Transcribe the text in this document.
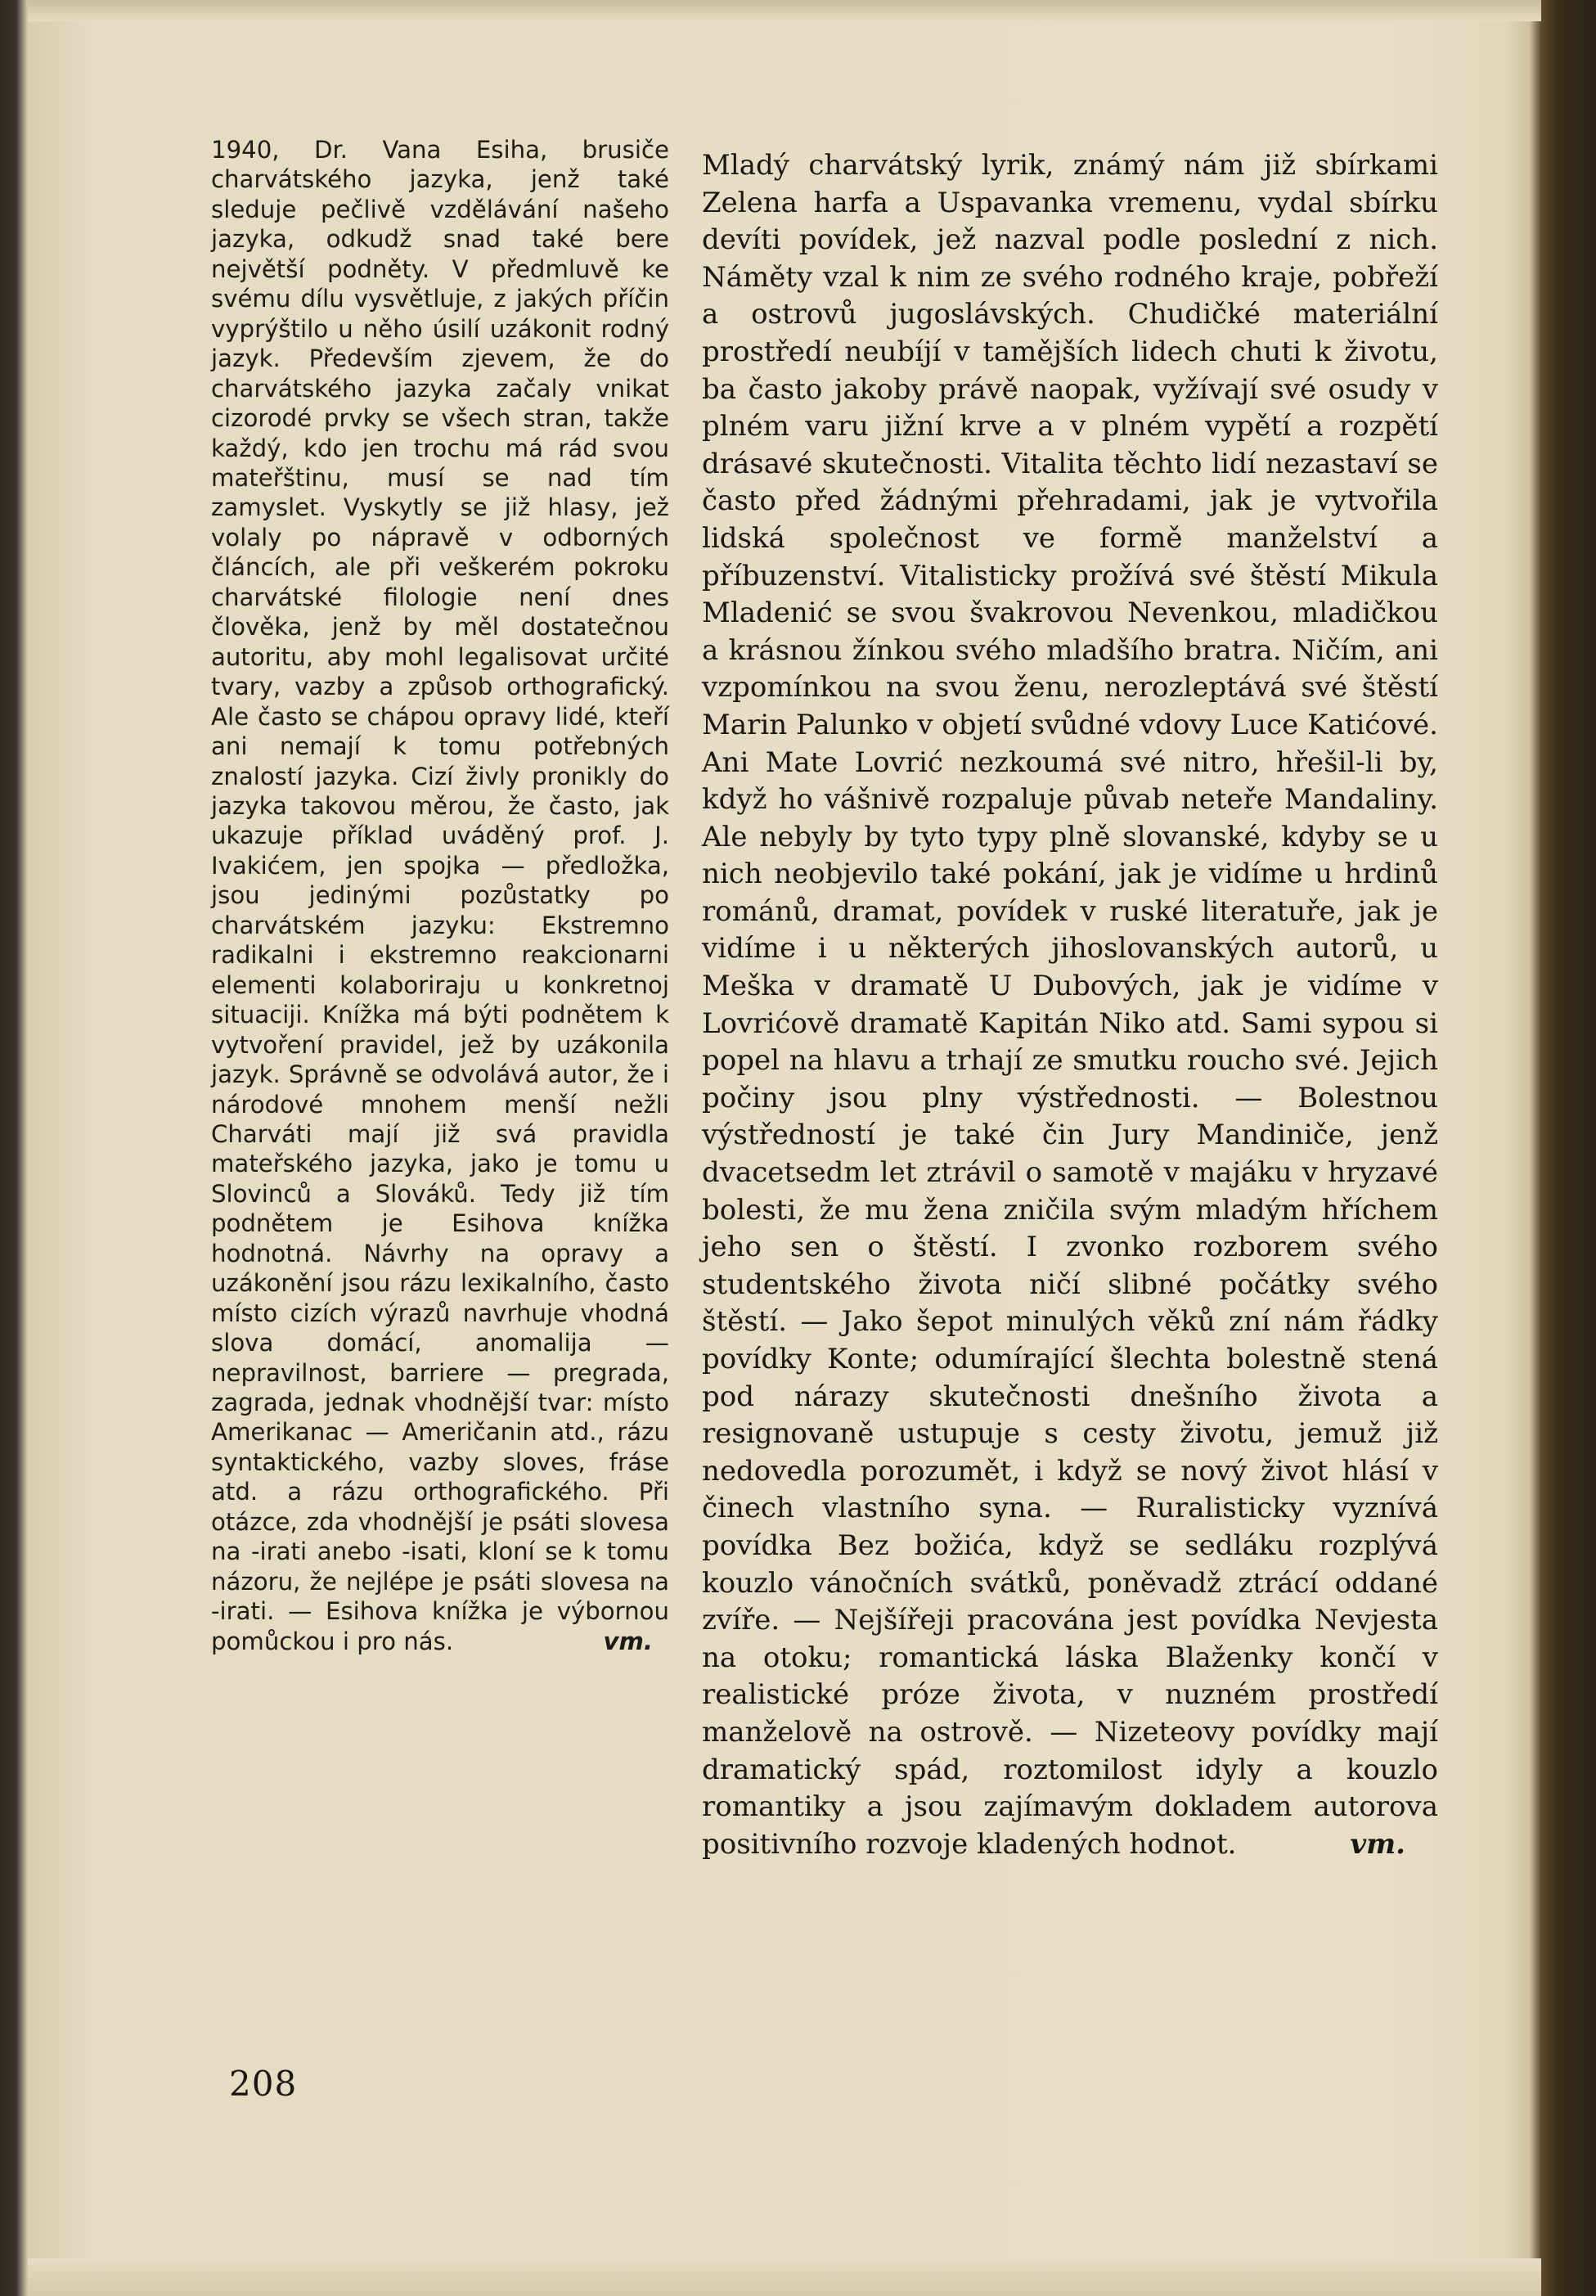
1940, Dr. Vana Esiha, brusiče charvátského jazyka, jenž také sleduje pečlivě vzdělávání našeho jazyka, odkudž snad také bere největší podněty. V předmluvě ke svému dílu vysvětluje, z jakých příčin vyprýštilo u něho úsilí uzákonit rodný jazyk. Především zjevem, že do charvátského jazyka začaly vnikat cizorodé prvky se všech stran, takže každý, kdo jen trochu má rád svou mateřštinu, musí se nad tím zamyslet. Vyskytly se již hlasy, jež volaly po nápravě v odborných článcích, ale při veškerém pokroku charvátské filologie není dnes člověka, jenž by měl dostatečnou autoritu, aby mohl legalisovat určité tvary, vazby a způsob orthografický. Ale často se chápou opravy lidé, kteří ani nemají k tomu potřebných znalostí jazyka. Cizí živly pronikly do jazyka takovou měrou, že často, jak ukazuje příklad uváděný prof. J. Ivakićem, jen spojka — předložka, jsou jedinými pozůstatky po charvátském jazyku: Ekstremno radikalni i ekstremno reakcionarni elementi kolaboriraju u konkretnoj situaciji. Knížka má býti podnětem k vytvoření pravidel, jež by uzákonila jazyk. Správně se odvolává autor, že i národové mnohem menší nežli Charváti mají již svá pravidla mateřského jazyka, jako je tomu u Slovinců a Slováků. Tedy již tím podnětem je Esihova knížka hodnotná. Návrhy na opravy a uzákonění jsou rázu lexikalního, často místo cizích výrazů navrhuje vhodná slova domácí, anomalija — nepravilnost, barriere — pregrada, zagrada, jednak vhodnější tvar: místo Amerikanac — Američanin atd., rázu syntaktického, vazby sloves, fráse atd. a rázu orthografického. Při otázce, zda vhodnější je psáti slovesa na -irati anebo -isati, kloní se k tomu názoru, že nejlépe je psáti slovesa na -irati. — Esihova knížka je výbornou pomůckou i pro nás.	vm.

Mladý charvátský lyrik, známý nám již sbírkami Zelena harfa a Uspavanka vremenu, vydal sbírku devíti povídek, jež nazval podle poslední z nich. Náměty vzal k nim ze svého rodného kraje, pobřeží a ostrovů jugoslávských. Chudičké materiální prostředí neubíjí v tamějších lidech chuti k životu, ba často jakoby právě naopak, vyžívají své osudy v plném varu jižní krve a v plném vypětí a rozpětí drásavé skutečnosti. Vitalita těchto lidí nezastaví se často před žádnými přehradami, jak je vytvořila lidská společnost ve formě manželství a příbuzenství. Vitalisticky prožívá své štěstí Mikula Mladenić se svou švakrovou Nevenkou, mladičkou a krásnou žínkou svého mladšího bratra. Ničím, ani vzpomínkou na svou ženu, nerozleptává své štěstí Marin Palunko v objetí svůdné vdovy Luce Katićové. Ani Mate Lovrić nezkoumá své nitro, hřešil-li by, když ho vášnivě rozpaluje půvab neteře Mandaliny. Ale nebyly by tyto typy plně slovanské, kdyby se u nich neobjevilo také pokání, jak je vidíme u hrdinů románů, dramat, povídek v ruské literatuře, jak je vidíme i u některých jihoslovanských autorů, u Meška v dramatě U Dubových, jak je vidíme v Lovrićově dramatě Kapitán Niko atd. Sami sypou si popel na hlavu a trhají ze smutku roucho své. Jejich počiny jsou plny výstřednosti. — Bolestnou výstředností je také čin Jury Mandiniče, jenž dvacetsedm let ztrávil o samotě v majáku v hryzavé bolesti, že mu žena zničila svým mladým hříchem jeho sen o štěstí. I zvonko rozborem svého studentského života ničí slibné počátky svého štěstí. — Jako šepot minulých věků zní nám řádky povídky Konte; odumírající šlechta bolestně stená pod nárazy skutečnosti dnešního života a resignovaně ustupuje s cesty životu, jemuž již nedovedla porozumět, i když se nový život hlásí v činech vlastního syna. — Ruralisticky vyznívá povídka Bez božića, když se sedláku rozplývá kouzlo vánočních svátků, poněvadž ztrácí oddané zvíře. — Nejšířeji pracována jest povídka Nevjesta na otoku; romantická láska Blaženky končí v realistické próze života, v nuzném prostředí manželově na ostrově. — Nizeteovy povídky mají dramatický spád, roztomilost idyly a kouzlo romantiky a jsou zajímavým dokladem autorova positivního rozvoje kladených hodnot.	vm.

208
